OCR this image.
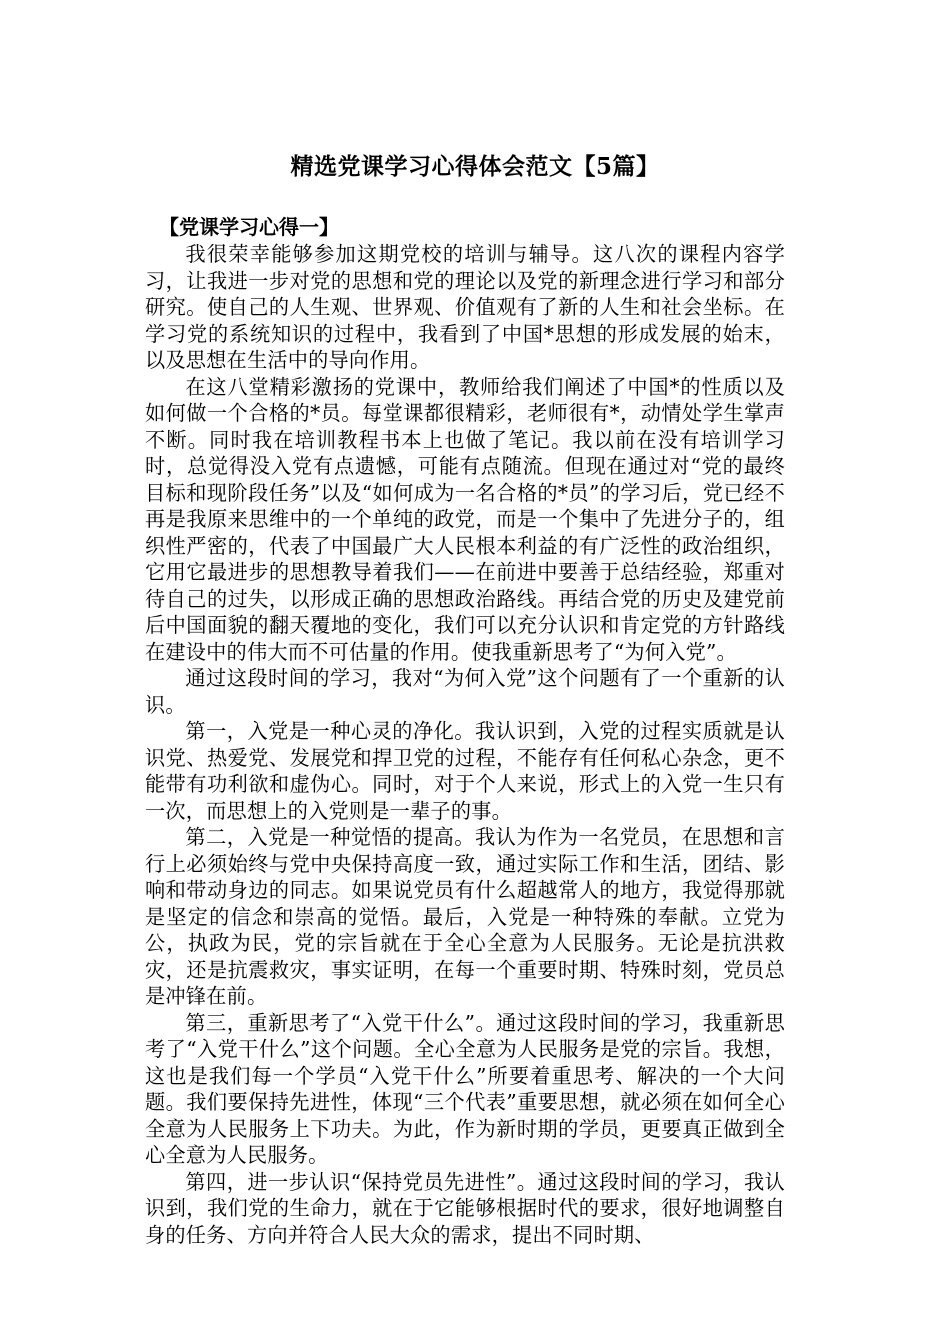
精选党课学习心得体会范文【5篇】

【党课学习心得一】

我很荣幸能够参加这期党校的培训与辅导。这八次的课程内容学习，让我进一步对党的思想和党的理论以及党的新理念进行学习和部分研究。使自己的人生观、世界观、价值观有了新的人生和社会坐标。在学习党的系统知识的过程中，我看到了中国*思想的形成发展的始末，以及思想在生活中的导向作用。

在这八堂精彩激扬的党课中，教师给我们阐述了中国*的性质以及如何做一个合格的*员。每堂课都很精彩，老师很有*，动情处学生掌声不断。同时我在培训教程书本上也做了笔记。我以前在没有培训学习时，总觉得没入党有点遗憾，可能有点随流。但现在通过对“党的最终目标和现阶段任务”以及“如何成为一名合格的*员”的学习后，党已经不再是我原来思维中的一个单纯的政党，而是一个集中了先进分子的，组织性严密的，代表了中国最广大人民根本利益的有广泛性的政治组织，它用它最进步的思想教导着我们——在前进中要善于总结经验，郑重对待自己的过失，以形成正确的思想政治路线。再结合党的历史及建党前后中国面貌的翻天覆地的变化，我们可以充分认识和肯定党的方针路线在建设中的伟大而不可估量的作用。使我重新思考了“为何入党”。

通过这段时间的学习，我对“为何入党”这个问题有了一个重新的认识。

第一，入党是一种心灵的净化。我认识到，入党的过程实质就是认识党、热爱党、发展党和捍卫党的过程，不能存有任何私心杂念，更不能带有功利欲和虚伪心。同时，对于个人来说，形式上的入党一生只有一次，而思想上的入党则是一辈子的事。

第二，入党是一种觉悟的提高。我认为作为一名党员，在思想和言行上必须始终与党中央保持高度一致，通过实际工作和生活，团结、影响和带动身边的同志。如果说党员有什么超越常人的地方，我觉得那就是坚定的信念和崇高的觉悟。最后，入党是一种特殊的奉献。立党为公，执政为民，党的宗旨就在于全心全意为人民服务。无论是抗洪救灾，还是抗震救灾，事实证明，在每一个重要时期、特殊时刻，党员总是冲锋在前。

第三，重新思考了“入党干什么”。通过这段时间的学习，我重新思考了“入党干什么”这个问题。全心全意为人民服务是党的宗旨。我想，这也是我们每一个学员“入党干什么”所要着重思考、解决的一个大问题。我们要保持先进性，体现“三个代表”重要思想，就必须在如何全心全意为人民服务上下功夫。为此，作为新时期的学员，更要真正做到全心全意为人民服务。

第四，进一步认识“保持党员先进性”。通过这段时间的学习，我认识到，我们党的生命力，就在于它能够根据时代的要求，很好地调整自身的任务、方向并符合人民大众的需求，提出不同时期、
